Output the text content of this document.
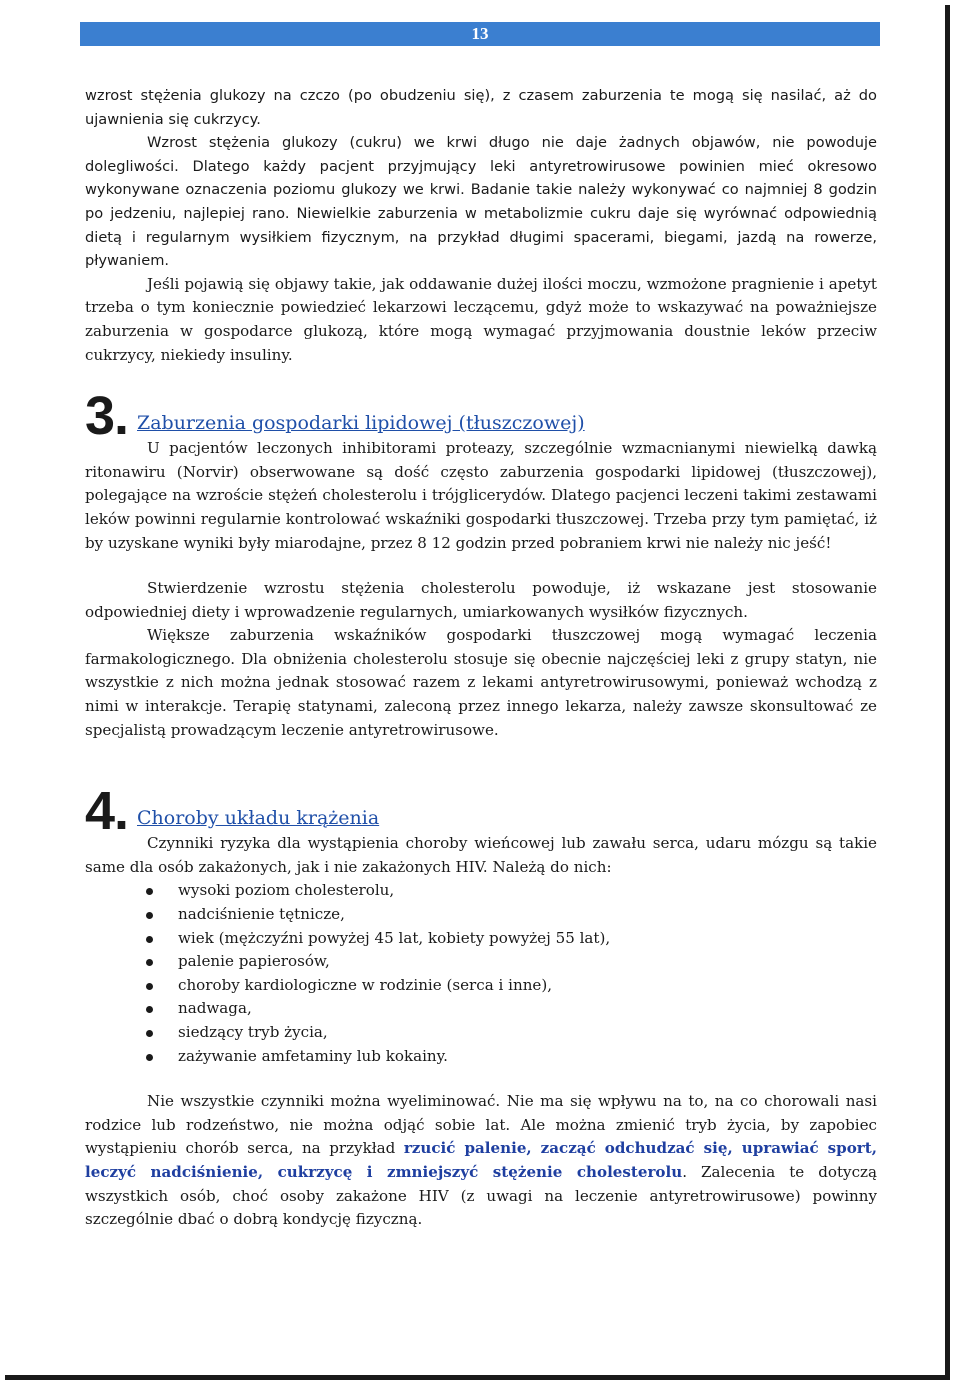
13

wzrost stężenia glukozy na czczo (po obudzeniu się), z czasem zaburzenia te mogą się nasilać, aż do ujawnienia się cukrzycy.

Wzrost stężenia glukozy (cukru) we krwi długo nie daje żadnych objawów, nie powoduje dolegliwości. Dlatego każdy pacjent przyjmujący leki antyretrowirusowe powinien mieć okresowo wykonywane oznaczenia poziomu glukozy we krwi. Badanie takie należy wykonywać co najmniej 8 godzin po jedzeniu, najlepiej rano. Niewielkie zaburzenia w metabolizmie cukru daje się wyrównać odpowiednią dietą i regularnym wysiłkiem fizycznym, na przykład długimi spacerami, biegami, jazdą na rowerze, pływaniem.

Jeśli pojawią się objawy takie, jak oddawanie dużej ilości moczu, wzmożone pragnienie i apetyt trzeba o tym koniecznie powiedzieć lekarzowi leczącemu, gdyż może to wskazywać na poważniejsze zaburzenia w gospodarce glukozą, które mogą wymagać przyjmowania doustnie leków przeciw cukrzycy, niekiedy insuliny.

3. Zaburzenia gospodarki lipidowej (tłuszczowej)

U pacjentów leczonych inhibitorami proteazy, szczególnie wzmacnianymi niewielką dawką ritonawiru (Norvir) obserwowane są dość często zaburzenia gospodarki lipidowej (tłuszczowej), polegające na wzroście stężeń cholesterolu i trójglicerydów. Dlatego pacjenci leczeni takimi zestawami leków powinni regularnie kontrolować wskaźniki gospodarki tłuszczowej. Trzeba przy tym pamiętać, iż by uzyskane wyniki były miarodajne, przez 8 12 godzin przed pobraniem krwi nie należy nic jeść!

Stwierdzenie wzrostu stężenia cholesterolu powoduje, iż wskazane jest stosowanie odpowiedniej diety i wprowadzenie regularnych, umiarkowanych wysiłków fizycznych.

Większe zaburzenia wskaźników gospodarki tłuszczowej mogą wymagać leczenia farmakologicznego. Dla obniżenia cholesterolu stosuje się obecnie najczęściej leki z grupy statyn, nie wszystkie z nich można jednak stosować razem z lekami antyretrowirusowymi, ponieważ wchodzą z nimi w interakcje. Terapię statynami, zaleconą przez innego lekarza, należy zawsze skonsultować ze specjalistą prowadzącym leczenie antyretrowirusowe.

4. Choroby układu krążenia

Czynniki ryzyka dla wystąpienia choroby wieńcowej lub zawału serca, udaru mózgu są takie same dla osób zakażonych, jak i nie zakażonych HIV. Należą do nich:

wysoki poziom cholesterolu,
nadciśnienie tętnicze,
wiek (mężczyźni powyżej 45 lat, kobiety powyżej 55 lat),
palenie papierosów,
choroby kardiologiczne w rodzinie (serca i inne),
nadwaga,
siedzący tryb życia,
zażywanie amfetaminy lub kokainy.

Nie wszystkie czynniki można wyeliminować. Nie ma się wpływu na to, na co chorowali nasi rodzice lub rodzeństwo, nie można odjąć sobie lat. Ale można zmienić tryb życia, by zapobiec wystąpieniu chorób serca, na przykład rzucić palenie, zacząć odchudzać się, uprawiać sport, leczyć nadciśnienie, cukrzycę i zmniejszyć stężenie cholesterolu. Zalecenia te dotyczą wszystkich osób, choć osoby zakażone HIV (z uwagi na leczenie antyretrowirusowe) powinny szczególnie dbać o dobrą kondycję fizyczną.
